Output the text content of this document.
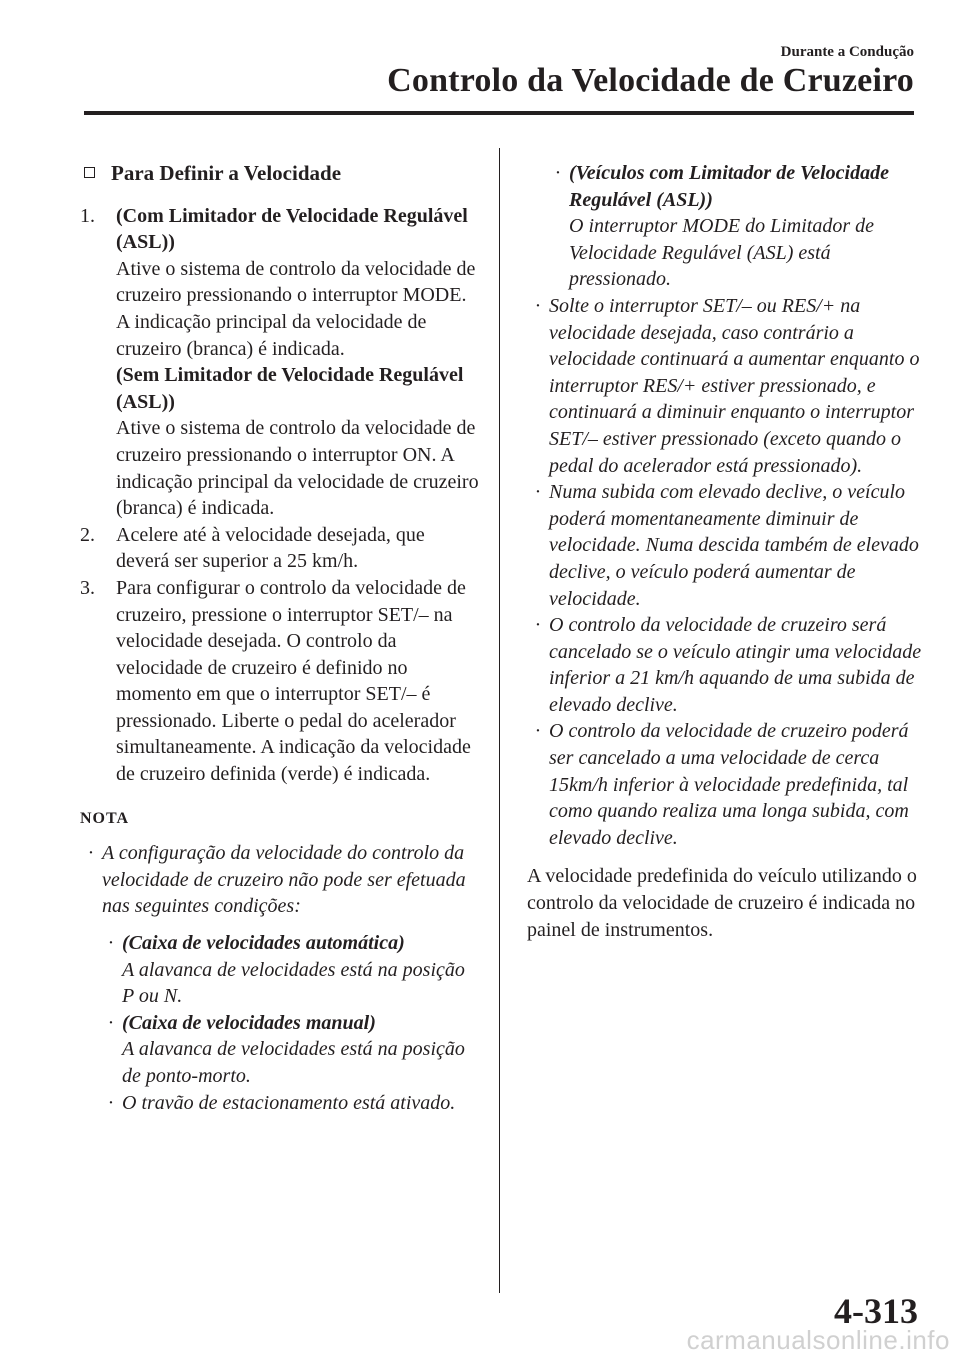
Durante a Condução
Controlo da Velocidade de Cruzeiro
Para Definir a Velocidade
1.	(Com Limitador de Velocidade Regulável (ASL))
Ative o sistema de controlo da velocidade de cruzeiro pressionando o interruptor MODE. A indicação principal da velocidade de cruzeiro (branca) é indicada.
(Sem Limitador de Velocidade Regulável (ASL))
Ative o sistema de controlo da velocidade de cruzeiro pressionando o interruptor ON. A indicação principal da velocidade de cruzeiro (branca) é indicada.
2.	Acelere até à velocidade desejada, que deverá ser superior a 25 km/h.
3.	Para configurar o controlo da velocidade de cruzeiro, pressione o interruptor SET/⁠– na velocidade desejada. O controlo da velocidade de cruzeiro é definido no momento em que o interruptor SET/– é pressionado. Liberte o pedal do acelerador simultaneamente. A indicação da velocidade de cruzeiro definida (verde) é indicada.
NOTA
· A configuração da velocidade do controlo da velocidade de cruzeiro não pode ser efetuada nas seguintes condições:
· (Caixa de velocidades automática)
A alavanca de velocidades está na posição P ou N.
· (Caixa de velocidades manual)
A alavanca de velocidades está na posição de ponto-morto.
· O travão de estacionamento está ativado.
· (Veículos com Limitador de Velocidade Regulável (ASL))
O interruptor MODE do Limitador de Velocidade Regulável (ASL) está pressionado.
· Solte o interruptor SET/– ou RES/+ na velocidade desejada, caso contrário a velocidade continuará a aumentar enquanto o interruptor RES/+ estiver pressionado, e continuará a diminuir enquanto o interruptor SET/– estiver pressionado (exceto quando o pedal do acelerador está pressionado).
· Numa subida com elevado declive, o veículo poderá momentaneamente diminuir de velocidade. Numa descida também de elevado declive, o veículo poderá aumentar de velocidade.
· O controlo da velocidade de cruzeiro será cancelado se o veículo atingir uma velocidade inferior a 21 km/h aquando de uma subida de elevado declive.
· O controlo da velocidade de cruzeiro poderá ser cancelado a uma velocidade de cerca 15km/h inferior à velocidade predefinida, tal como quando realiza uma longa subida, com elevado declive.
A velocidade predefinida do veículo utilizando o controlo da velocidade de cruzeiro é indicada no painel de instrumentos.
4-313
carmanualsonline.info
